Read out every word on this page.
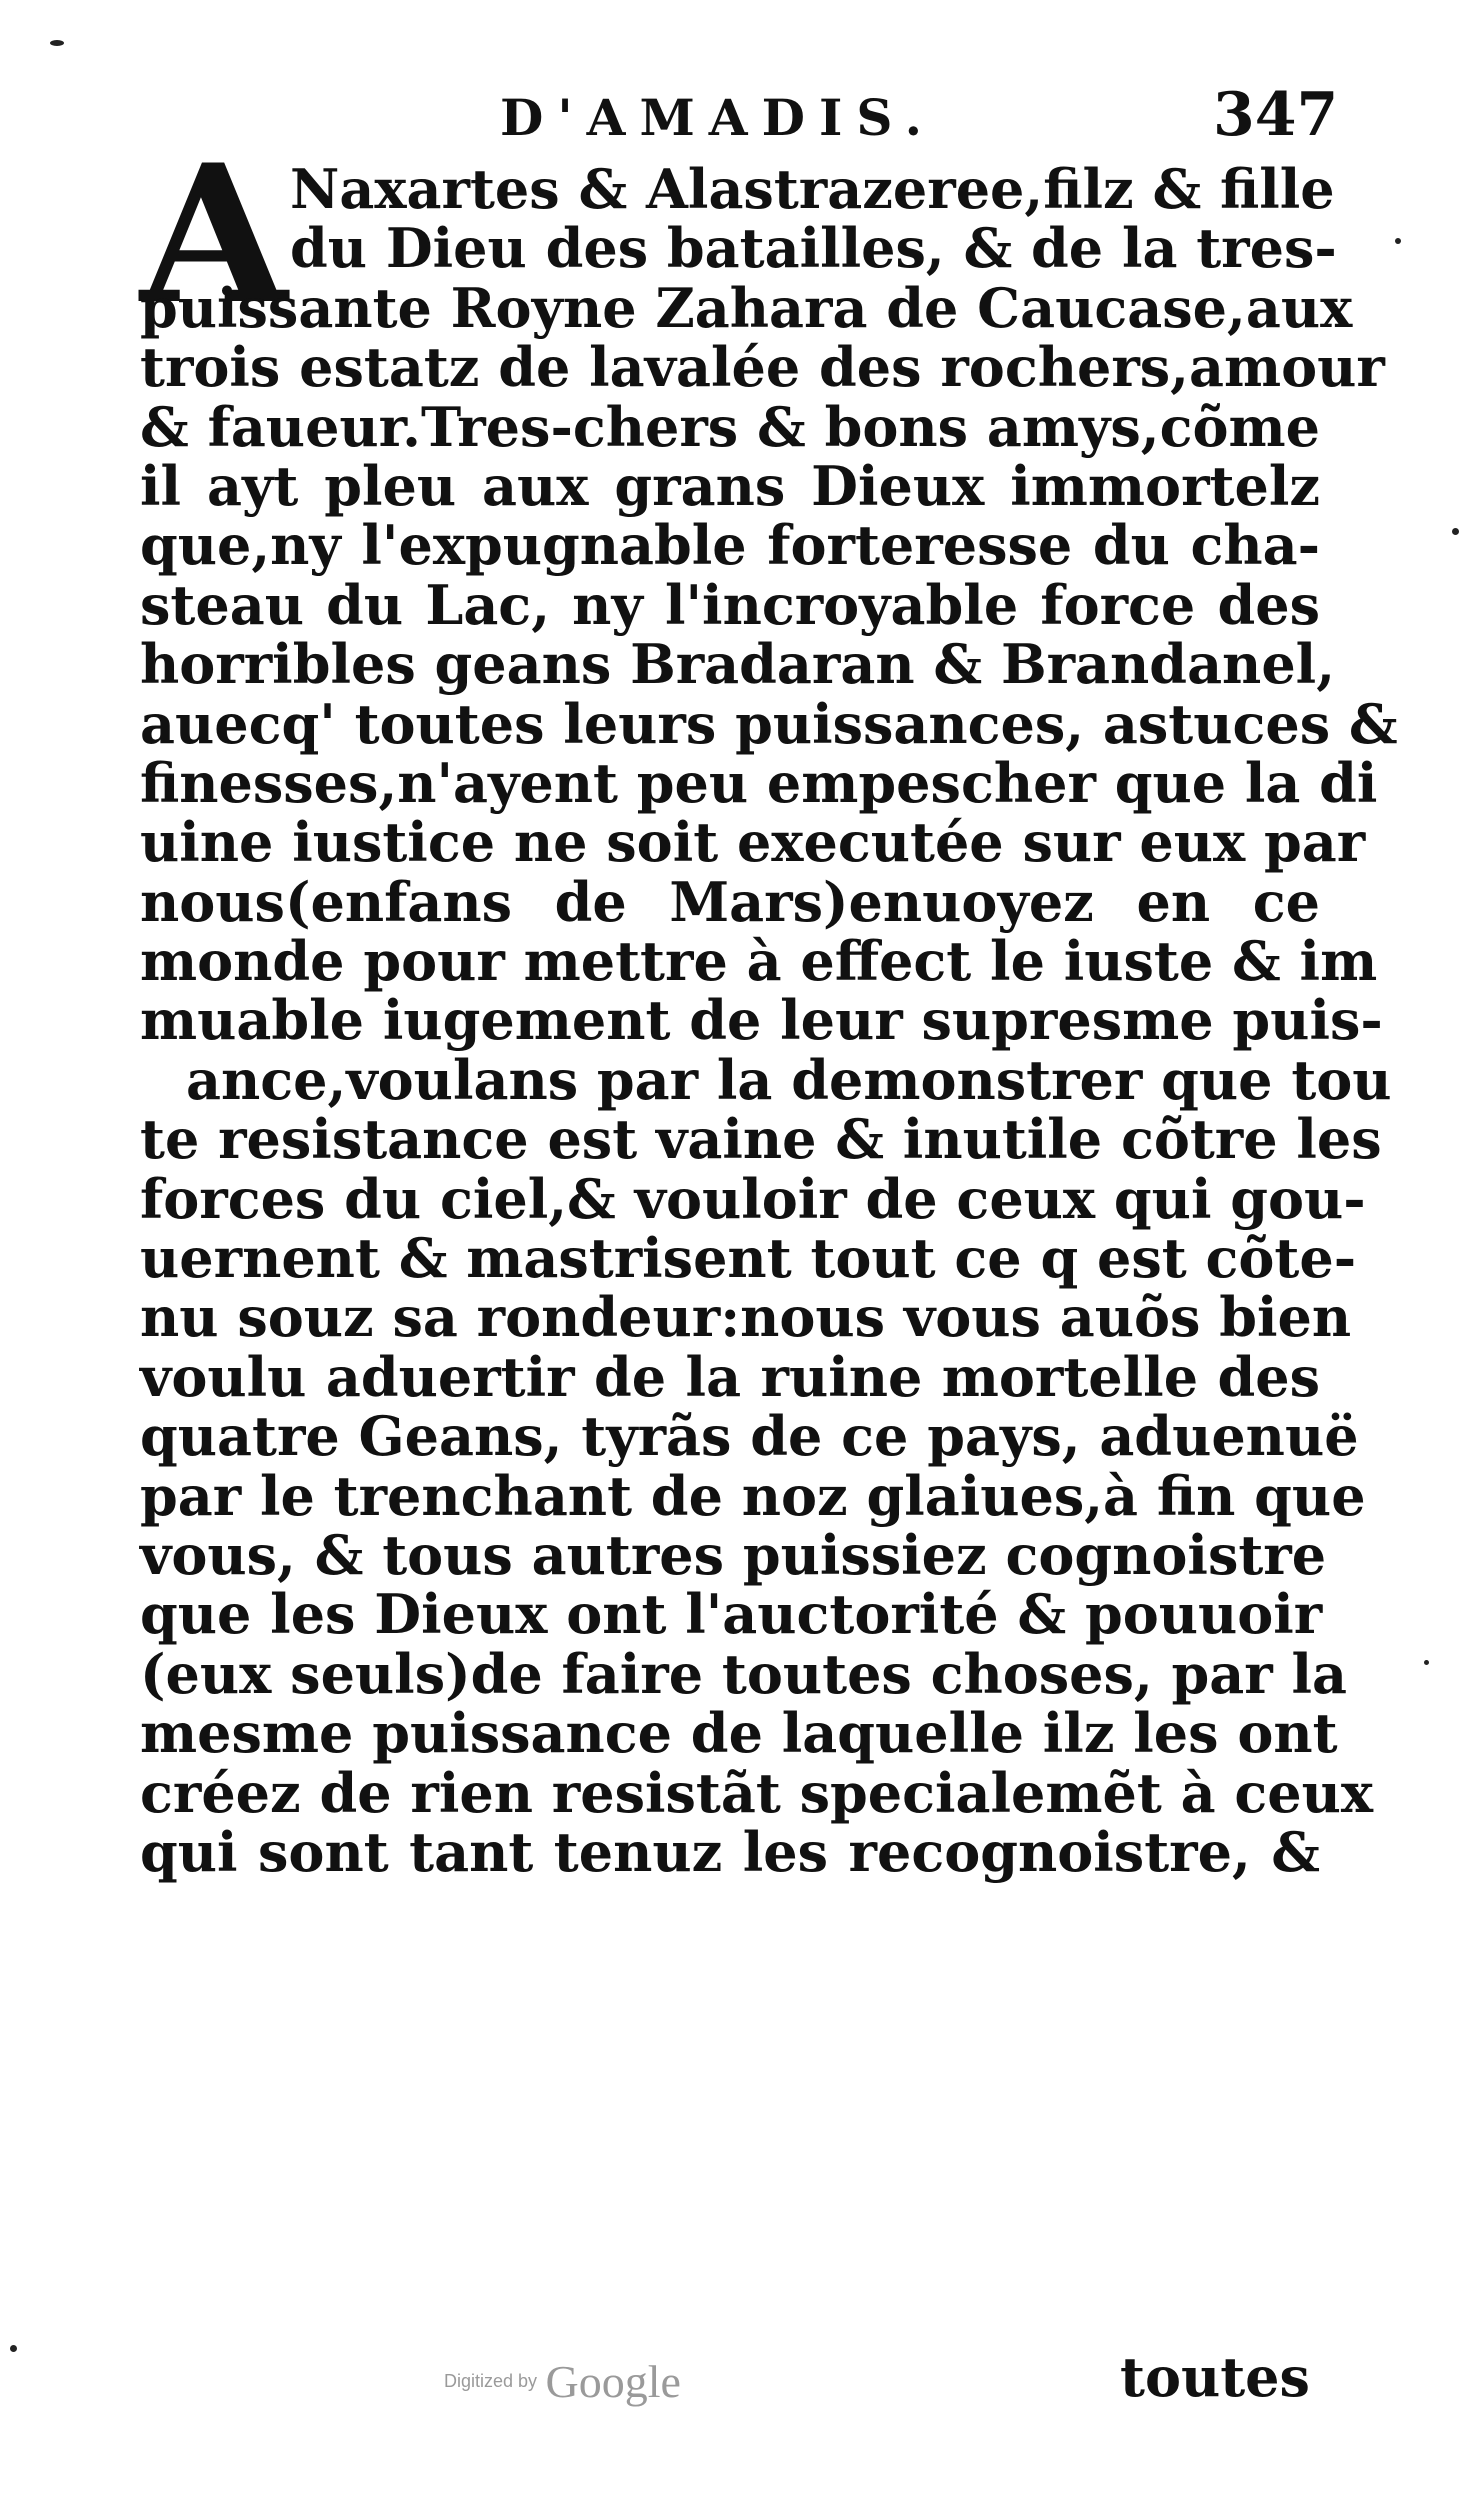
D'AMADIS.	347
A Naxartes & Alastrazeree,filz & fille
du Dieu des batailles, & de la tres-
puissante Royne Zahara de Caucase,aux
trois estatz de lavalée des rochers,amour
& faueur.Tres-chers & bons amys,cõme
il ayt pleu aux grans Dieux immortelz
que,ny l'expugnable forteresse du cha-
steau du Lac, ny l'incroyable force des
horribles geans Bradaran & Brandanel,
auecq' toutes leurs puissances, astuces &
finesses,n'ayent peu empescher que la di
uine iustice ne soit executée sur eux par
nous(enfans de Mars)enuoyez en ce
monde pour mettre à effect le iuste & im
muable iugement de leur supresme puis-
ance,voulans par la demonstrer que tou
te resistance est vaine & inutile cõtre les
forces du ciel,& vouloir de ceux qui gou-
uernent & mastrisent tout ce q est cõte-
nu souz sa rondeur:nous vous auõs bien
voulu aduertir de la ruine mortelle des
quatre Geans, tyrãs de ce pays, aduenuë
par le trenchant de noz glaiues,à fin que
vous, & tous autres puissiez cognoistre
que les Dieux ont l'auctorité & pouuoir
(eux seuls)de faire toutes choses, par la
mesme puissance de laquelle ilz les ont
créez de rien resistãt specialemẽt à ceux
qui sont tant tenuz les recognoistre, &
toutes
Digitized by Google
